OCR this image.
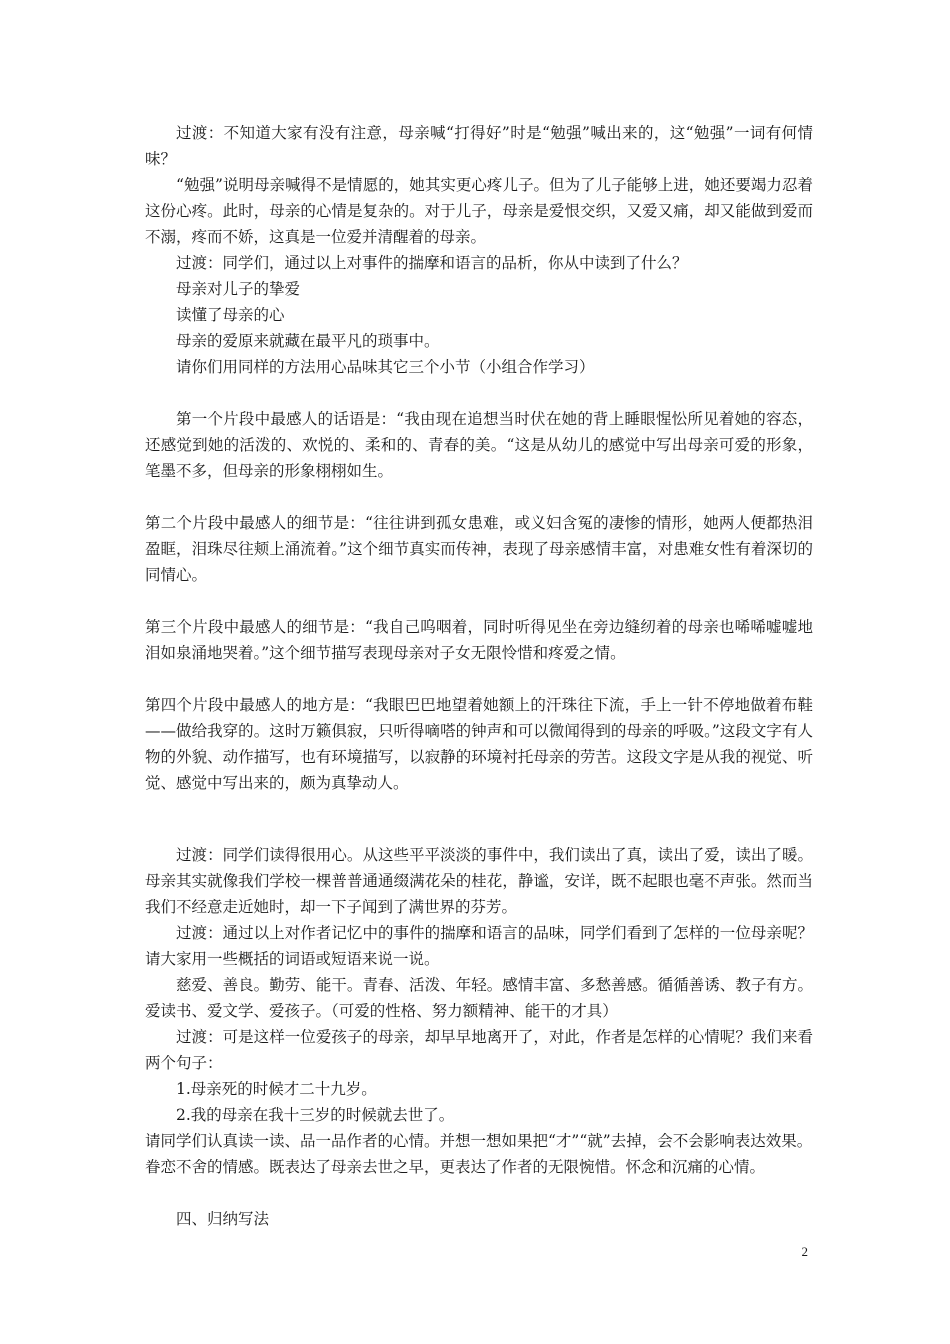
过渡：不知道大家有没有注意，母亲喊“打得好”时是“勉强”喊出来的，这“勉强”一词有何情味？

“勉强”说明母亲喊得不是情愿的，她其实更心疼儿子。但为了儿子能够上进，她还要竭力忍着这份心疼。此时，母亲的心情是复杂的。对于儿子，母亲是爱恨交织，又爱又痛，却又能做到爱而不溺，疼而不娇，这真是一位爱并清醒着的母亲。

过渡：同学们，通过以上对事件的揣摩和语言的品析，你从中读到了什么？

母亲对儿子的挚爱

读懂了母亲的心

母亲的爱原来就藏在最平凡的琐事中。

请你们用同样的方法用心品味其它三个小节（小组合作学习）

第一个片段中最感人的话语是：“我由现在追想当时伏在她的背上睡眼惺忪所见着她的容态，还感觉到她的活泼的、欢悦的、柔和的、青春的美。“这是从幼儿的感觉中写出母亲可爱的形象，笔墨不多，但母亲的形象栩栩如生。

第二个片段中最感人的细节是：“往往讲到孤女患难，或义妇含冤的凄惨的情形，她两人便都热泪盈眶，泪珠尽往颊上涌流着。”这个细节真实而传神，表现了母亲感情丰富，对患难女性有着深切的同情心。

第三个片段中最感人的细节是：“我自己呜咽着，同时听得见坐在旁边缝纫着的母亲也唏唏嘘嘘地泪如泉涌地哭着。”这个细节描写表现母亲对子女无限怜惜和疼爱之情。

第四个片段中最感人的地方是：“我眼巴巴地望着她额上的汗珠往下流，手上一针不停地做着布鞋——做给我穿的。这时万籁俱寂，只听得嘀嗒的钟声和可以微闻得到的母亲的呼吸。”这段文字有人物的外貌、动作描写，也有环境描写，以寂静的环境衬托母亲的劳苦。这段文字是从我的视觉、听觉、感觉中写出来的，颇为真挚动人。

过渡：同学们读得很用心。从这些平平淡淡的事件中，我们读出了真，读出了爱，读出了暖。母亲其实就像我们学校一棵普普通通缀满花朵的桂花，静谧，安详，既不起眼也毫不声张。然而当我们不经意走近她时，却一下子闻到了满世界的芬芳。

过渡：通过以上对作者记忆中的事件的揣摩和语言的品味，同学们看到了怎样的一位母亲呢？请大家用一些概括的词语或短语来说一说。

慈爱、善良。勤劳、能干。青春、活泼、年轻。感情丰富、多愁善感。循循善诱、教子有方。爱读书、爱文学、爱孩子。（可爱的性格、努力额精神、能干的才具）

过渡：可是这样一位爱孩子的母亲，却早早地离开了，对此，作者是怎样的心情呢？我们来看两个句子：

1.母亲死的时候才二十九岁。

2.我的母亲在我十三岁的时候就去世了。

请同学们认真读一读、品一品作者的心情。并想一想如果把“才”“就”去掉，会不会影响表达效果。

眷恋不舍的情感。既表达了母亲去世之早，更表达了作者的无限惋惜。怀念和沉痛的心情。

四、归纳写法

2
